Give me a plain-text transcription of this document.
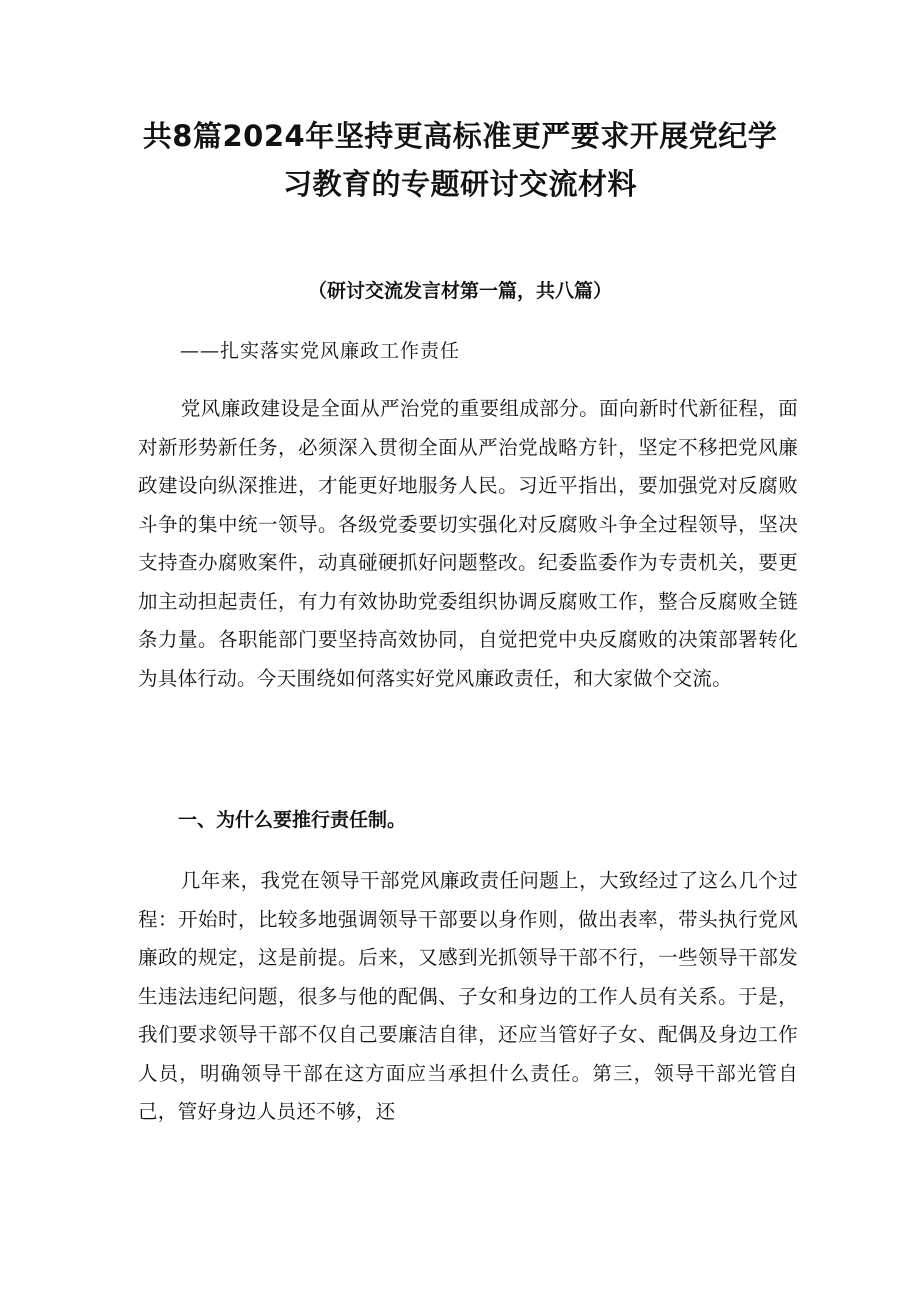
共8篇2024年坚持更高标准更严要求开展党纪学
习教育的专题研讨交流材料
（研讨交流发言材第一篇，共八篇）
——扎实落实党风廉政工作责任

党风廉政建设是全面从严治党的重要组成部分。面向新时代新征程，面对新形势新任务，必须深入贯彻全面从严治党战略方针，坚定不移把党风廉政建设向纵深推进，才能更好地服务人民。习近平指出，要加强党对反腐败斗争的集中统一领导。各级党委要切实强化对反腐败斗争全过程领导，坚决支持查办腐败案件，动真碰硬抓好问题整改。纪委监委作为专责机关，要更加主动担起责任，有力有效协助党委组织协调反腐败工作，整合反腐败全链条力量。各职能部门要坚持高效协同，自觉把党中央反腐败的决策部署转化为具体行动。今天围绕如何落实好党风廉政责任，和大家做个交流。

一、为什么要推行责任制。

几年来，我党在领导干部党风廉政责任问题上，大致经过了这么几个过程：开始时，比较多地强调领导干部要以身作则，做出表率，带头执行党风廉政的规定，这是前提。后来，又感到光抓领导干部不行，一些领导干部发生违法违纪问题，很多与他的配偶、子女和身边的工作人员有关系。于是，我们要求领导干部不仅自己要廉洁自律，还应当管好子女、配偶及身边工作人员，明确领导干部在这方面应当承担什么责任。第三，领导干部光管自己，管好身边人员还不够，还
